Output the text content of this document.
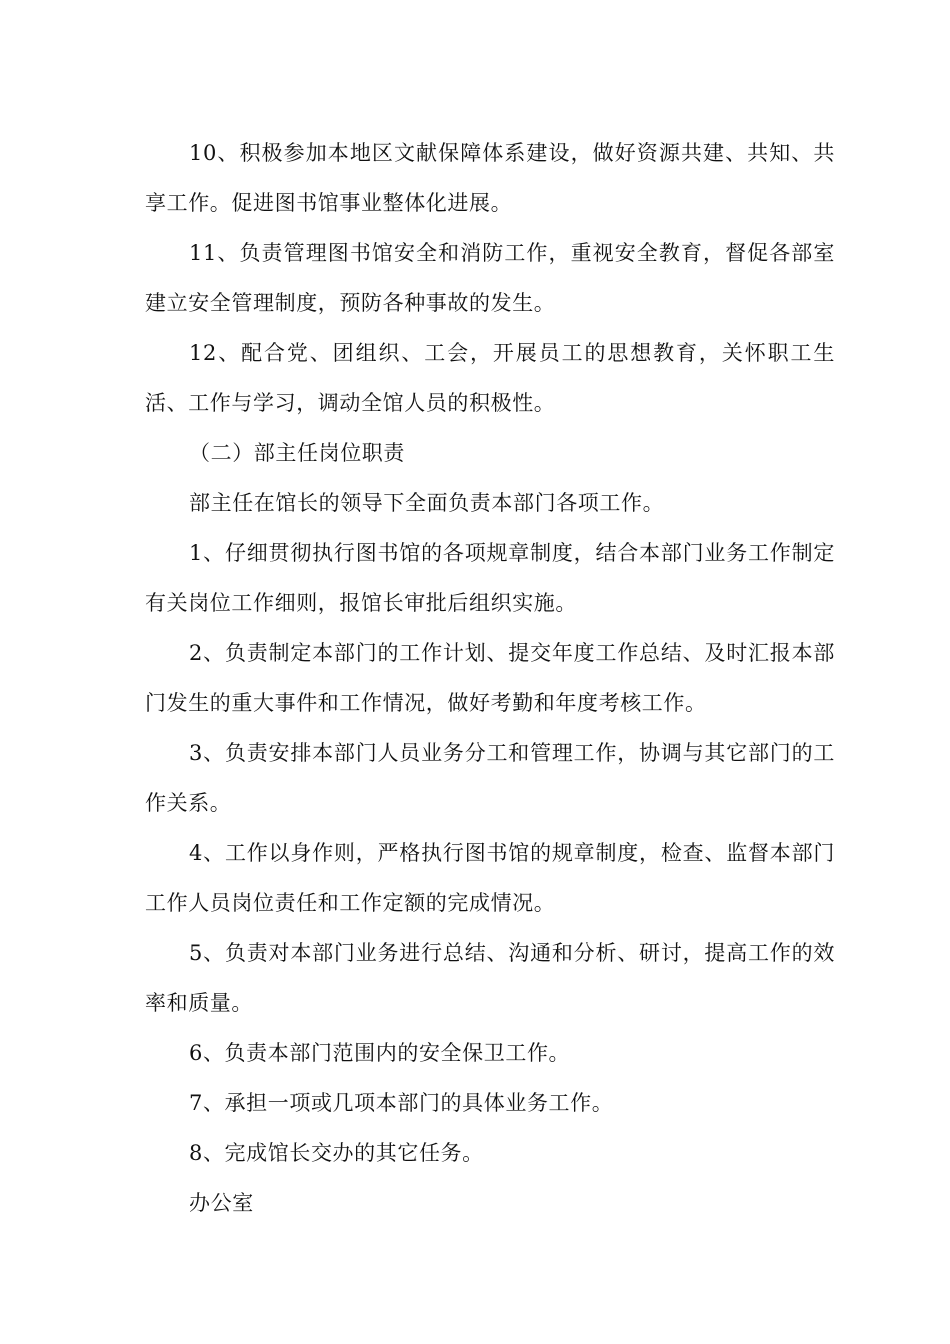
10、积极参加本地区文献保障体系建设，做好资源共建、共知、共享工作。促进图书馆事业整体化进展。

11、负责管理图书馆安全和消防工作，重视安全教育，督促各部室建立安全管理制度，预防各种事故的发生。

12、配合党、团组织、工会，开展员工的思想教育，关怀职工生活、工作与学习，调动全馆人员的积极性。

（二）部主任岗位职责

部主任在馆长的领导下全面负责本部门各项工作。

1、仔细贯彻执行图书馆的各项规章制度，结合本部门业务工作制定有关岗位工作细则，报馆长审批后组织实施。

2、负责制定本部门的工作计划、提交年度工作总结、及时汇报本部门发生的重大事件和工作情况，做好考勤和年度考核工作。

3、负责安排本部门人员业务分工和管理工作，协调与其它部门的工作关系。

4、工作以身作则，严格执行图书馆的规章制度，检查、监督本部门工作人员岗位责任和工作定额的完成情况。

5、负责对本部门业务进行总结、沟通和分析、研讨，提高工作的效率和质量。

6、负责本部门范围内的安全保卫工作。

7、承担一项或几项本部门的具体业务工作。

8、完成馆长交办的其它任务。

办公室
